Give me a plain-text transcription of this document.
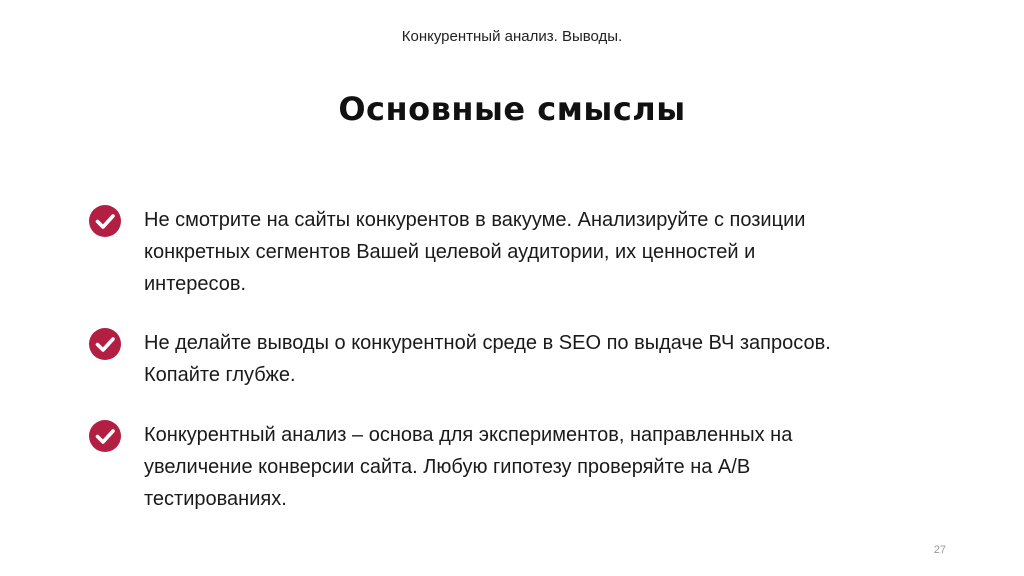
Конкурентный анализ. Выводы.
Основные смыслы
Не смотрите на сайты конкурентов в вакууме. Анализируйте с позиции конкретных сегментов Вашей целевой аудитории, их ценностей и интересов.
Не делайте выводы о конкурентной среде в SEO по выдаче ВЧ запросов. Копайте глубже.
Конкурентный анализ – основа для экспериментов, направленных на увеличение конверсии сайта. Любую гипотезу проверяйте на А/В тестированиях.
27
